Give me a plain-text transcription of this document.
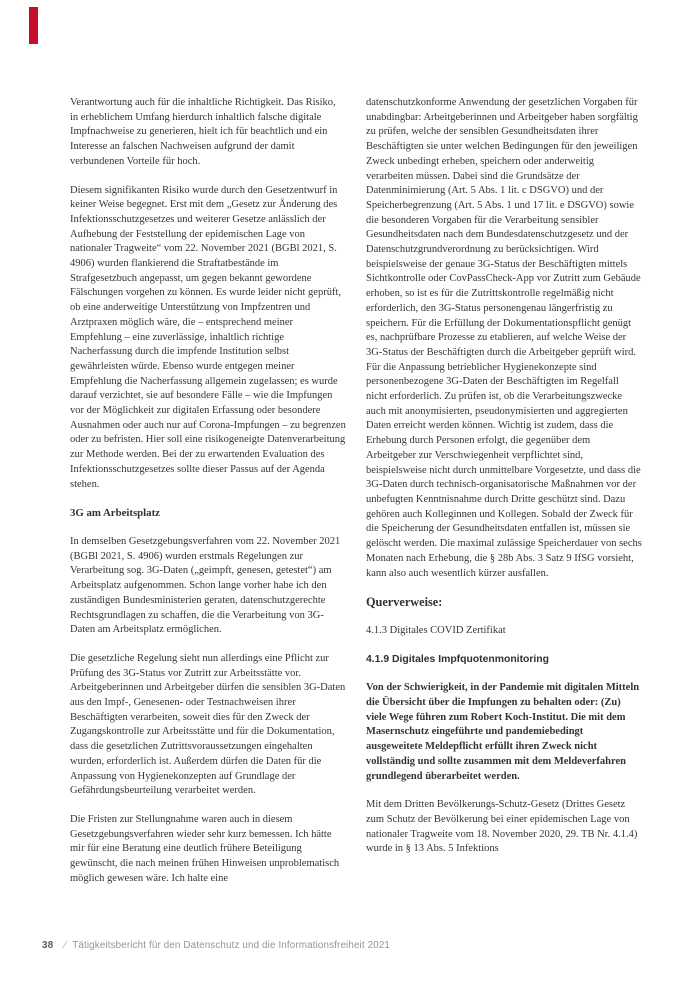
Verantwortung auch für die inhaltliche Richtigkeit. Das Risiko, in erheblichem Umfang hierdurch inhaltlich falsche digitale Impfnachweise zu generieren, hielt ich für beachtlich und ein Interesse an falschen Nachweisen aufgrund der damit verbundenen Vorteile für hoch.

Diesem signifikanten Risiko wurde durch den Gesetzentwurf in keiner Weise begegnet. Erst mit dem „Gesetz zur Änderung des Infektionsschutzgesetzes und weiterer Gesetze anlässlich der Aufhebung der Feststellung der epidemischen Lage von nationaler Tragweite“ vom 22. November 2021 (BGBl 2021, S. 4906) wurden flankierend die Straftatbestände im Strafgesetzbuch angepasst, um gegen bekannt gewordene Fälschungen vorgehen zu können. Es wurde leider nicht geprüft, ob eine anderweitige Unterstützung von Impfzentren und Arztpraxen möglich wäre, die – entsprechend meiner Empfehlung – eine zuverlässige, inhaltlich richtige Nacherfassung durch die impfende Institution selbst gewährleisten würde. Ebenso wurde entgegen meiner Empfehlung die Nacherfassung allgemein zugelassen; es wurde darauf verzichtet, sie auf besondere Fälle – wie die Impfungen vor der Möglichkeit zur digitalen Erfassung oder besondere Ausnahmen oder auch nur auf Corona-Impfungen – zu begrenzen oder zu befristen. Hier soll eine risikogeneigte Datenverarbeitung zur Methode werden. Bei der zu erwartenden Evaluation des Infektionsschutzgesetzes sollte dieser Passus auf der Agenda stehen.

3G am Arbeitsplatz

In demselben Gesetzgebungsverfahren vom 22. November 2021 (BGBl 2021, S. 4906) wurden erstmals Regelungen zur Verarbeitung sog. 3G-Daten („geimpft, genesen, getestet“) am Arbeitsplatz aufgenommen. Schon lange vorher habe ich den zuständigen Bundesministerien geraten, datenschutzgerechte Rechtsgrundlagen zu schaffen, die die Verarbeitung von 3G-Daten am Arbeitsplatz ermöglichen.

Die gesetzliche Regelung sieht nun allerdings eine Pflicht zur Prüfung des 3G-Status vor Zutritt zur Arbeitsstätte vor. Arbeitgeberinnen und Arbeitgeber dürfen die sensiblen 3G-Daten aus den Impf-, Genesenen- oder Testnachweisen ihrer Beschäftigten verarbeiten, soweit dies für den Zweck der Zugangskontrolle zur Arbeitsstätte und für die Dokumentation, dass die gesetzlichen Zutrittsvoraussetzungen eingehalten wurden, erforderlich ist. Außerdem dürfen die Daten für die Anpassung von Hygienekonzepten auf Grundlage der Gefährdungsbeurteilung verarbeitet werden.

Die Fristen zur Stellungnahme waren auch in diesem Gesetzgebungsverfahren wieder sehr kurz bemessen. Ich hätte mir für eine Beratung eine deutlich frühere Beteiligung gewünscht, die nach meinen frühen Hinweisen unproblematisch möglich gewesen wäre. Ich halte eine

datenschutzkonforme Anwendung der gesetzlichen Vorgaben für unabdingbar: Arbeitgeberinnen und Arbeitgeber haben sorgfältig zu prüfen, welche der sensiblen Gesundheitsdaten ihrer Beschäftigten sie unter welchen Bedingungen für den jeweiligen Zweck unbedingt erheben, speichern oder anderweitig verarbeiten müssen. Dabei sind die Grundsätze der Datenminimierung (Art. 5 Abs. 1 lit. c DSGVO) und der Speicherbegrenzung (Art. 5 Abs. 1 und 17 lit. e DSGVO) sowie die besonderen Vorgaben für die Verarbeitung sensibler Gesundheitsdaten nach dem Bundesdatenschutzgesetz und der Datenschutzgrundverordnung zu berücksichtigen. Wird beispielsweise der genaue 3G-Status der Beschäftigten mittels Sichtkontrolle oder CovPassCheck-App vor Zutritt zum Gebäude erhoben, so ist es für die Zutrittskontrolle regelmäßig nicht erforderlich, den 3G-Status personengenau längerfristig zu speichern. Für die Erfüllung der Dokumentationspflicht genügt es, nachprüfbare Prozesse zu etablieren, auf welche Weise der 3G-Status der Beschäftigten durch die Arbeitgeber geprüft wird. Für die Anpassung betrieblicher Hygienekonzepte sind personenbezogene 3G-Daten der Beschäftigten im Regelfall nicht erforderlich. Zu prüfen ist, ob die Verarbeitungszwecke auch mit anonymisierten, pseudonymisierten und aggregierten Daten erreicht werden können. Wichtig ist zudem, dass die Erhebung durch Personen erfolgt, die gegenüber dem Arbeitgeber zur Verschwiegenheit verpflichtet sind, beispielsweise nicht durch unmittelbare Vorgesetzte, und dass die 3G-Daten durch technisch-organisatorische Maßnahmen vor der unbefugten Kenntnisnahme durch Dritte geschützt sind. Dazu gehören auch Kolleginnen und Kollegen. Sobald der Zweck für die Speicherung der Gesundheitsdaten entfallen ist, müssen sie gelöscht werden. Die maximal zulässige Speicherdauer von sechs Monaten nach Erhebung, die § 28b Abs. 3 Satz 9 IfSG vorsieht, kann also auch wesentlich kürzer ausfallen.

Querverweise:

4.1.3 Digitales COVID Zertifikat

4.1.9 Digitales Impfquotenmonitoring

Von der Schwierigkeit, in der Pandemie mit digitalen Mitteln die Übersicht über die Impfungen zu behalten oder: (Zu) viele Wege führen zum Robert Koch-Institut. Die mit dem Masernschutz eingeführte und pandemiebedingt ausgeweitete Meldepflicht erfüllt ihren Zweck nicht vollständig und sollte zusammen mit dem Meldeverfahren grundlegend überarbeitet werden.

Mit dem Dritten Bevölkerungs-Schutz-Gesetz (Drittes Gesetz zum Schutz der Bevölkerung bei einer epidemischen Lage von nationaler Tragweite vom 18. November 2020, 29. TB Nr. 4.1.4) wurde in § 13 Abs. 5 Infektions

38 / Tätigkeitsbericht für den Datenschutz und die Informationsfreiheit 2021
